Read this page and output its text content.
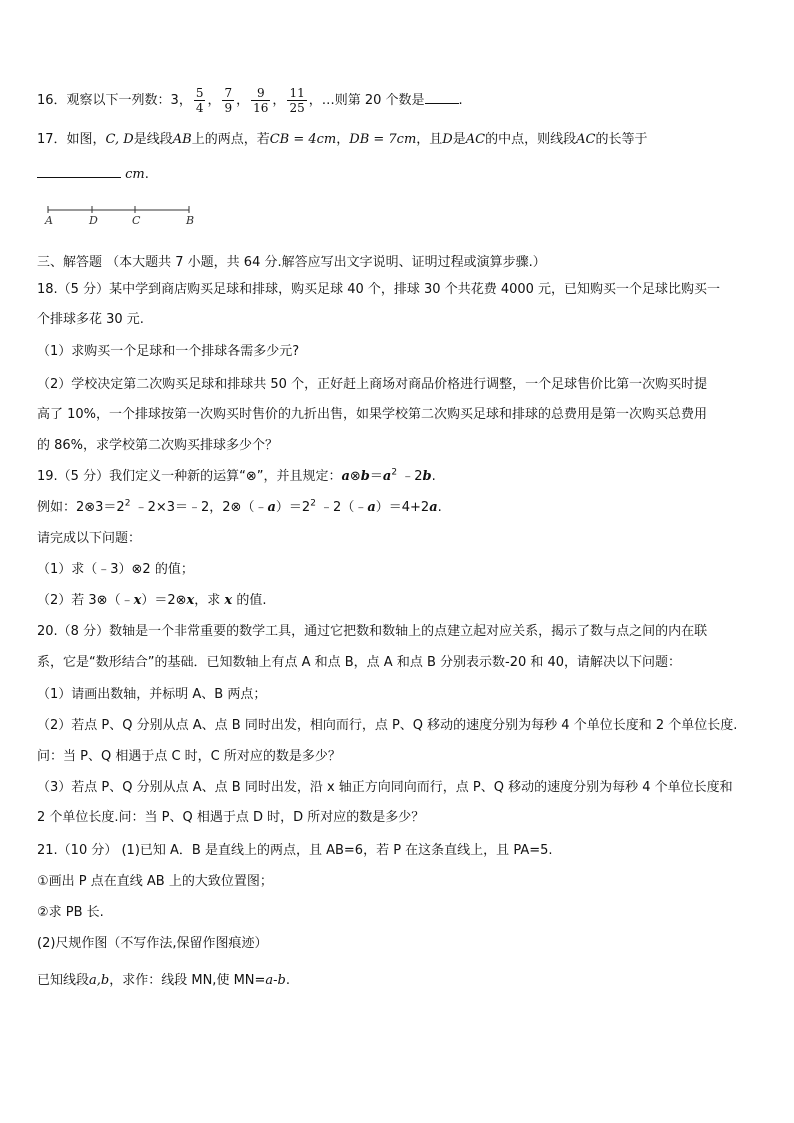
16．观察以下一列数：3， $\frac{5}{4}$ ， $\frac{7}{9}$ ， $\frac{9}{16}$ ， $\frac{11}{25}$ ，…则第 20 个数是	.
17．如图，C, D是线段AB上的两点，若CB = 4cm，DB = 7cm，且D是AC的中点，则线段AC的长等于
cm.
A	D	C	B
三、解答题 （本大题共 7 小题，共 64 分.解答应写出文字说明、证明过程或演算步骤.）
18.（5 分）某中学到商店购买足球和排球，购买足球 40 个，排球 30 个共花费 4000 元，已知购买一个足球比购买一
个排球多花 30 元.
（1）求购买一个足球和一个排球各需多少元?
（2）学校决定第二次购买足球和排球共 50 个，正好赶上商场对商品价格进行调整，一个足球售价比第一次购买时提
高了 10%，一个排球按第一次购买时售价的九折出售，如果学校第二次购买足球和排球的总费用是第一次购买总费用
的 86%，求学校第二次购买排球多少个？
19.（5 分）我们定义一种新的运算“⊗”，并且规定：$a\otimes b=a^2$ ﹣2b.
例如：$2\otimes 3=2^2$ ﹣2×3＝﹣2，$2\otimes(﹣a)=2^2$ ﹣2（﹣a）＝4+2a.
请完成以下问题：
（1）求（﹣3）⊗2 的值；
（2）若 3⊗（﹣x）＝2⊗x，求 x 的值.
20.（8 分）数轴是一个非常重要的数学工具，通过它把数和数轴上的点建立起对应关系，揭示了数与点之间的内在联
系，它是“数形结合”的基础．已知数轴上有点 A 和点 B，点 A 和点 B 分别表示数-20 和 40，请解决以下问题：
（1）请画出数轴，并标明 A、B 两点；
（2）若点 P、Q 分别从点 A、点 B 同时出发，相向而行，点 P、Q 移动的速度分别为每秒 4 个单位长度和 2 个单位长度.
问：当 P、Q 相遇于点 C 时，C 所对应的数是多少？
（3）若点 P、Q 分别从点 A、点 B 同时出发，沿 x 轴正方向同向而行，点 P、Q 移动的速度分别为每秒 4 个单位长度和
2 个单位长度.问：当 P、Q 相遇于点 D 时，D 所对应的数是多少？
21.（10 分） (1)已知 A．B 是直线上的两点，且 AB=6，若 P 在这条直线上，且 PA=5.
①画出 P 点在直线 AB 上的大致位置图；
②求 PB 长.
(2)尺规作图（不写作法,保留作图痕迹）
已知线段a,b，求作：线段 MN,使 MN=a-b.
